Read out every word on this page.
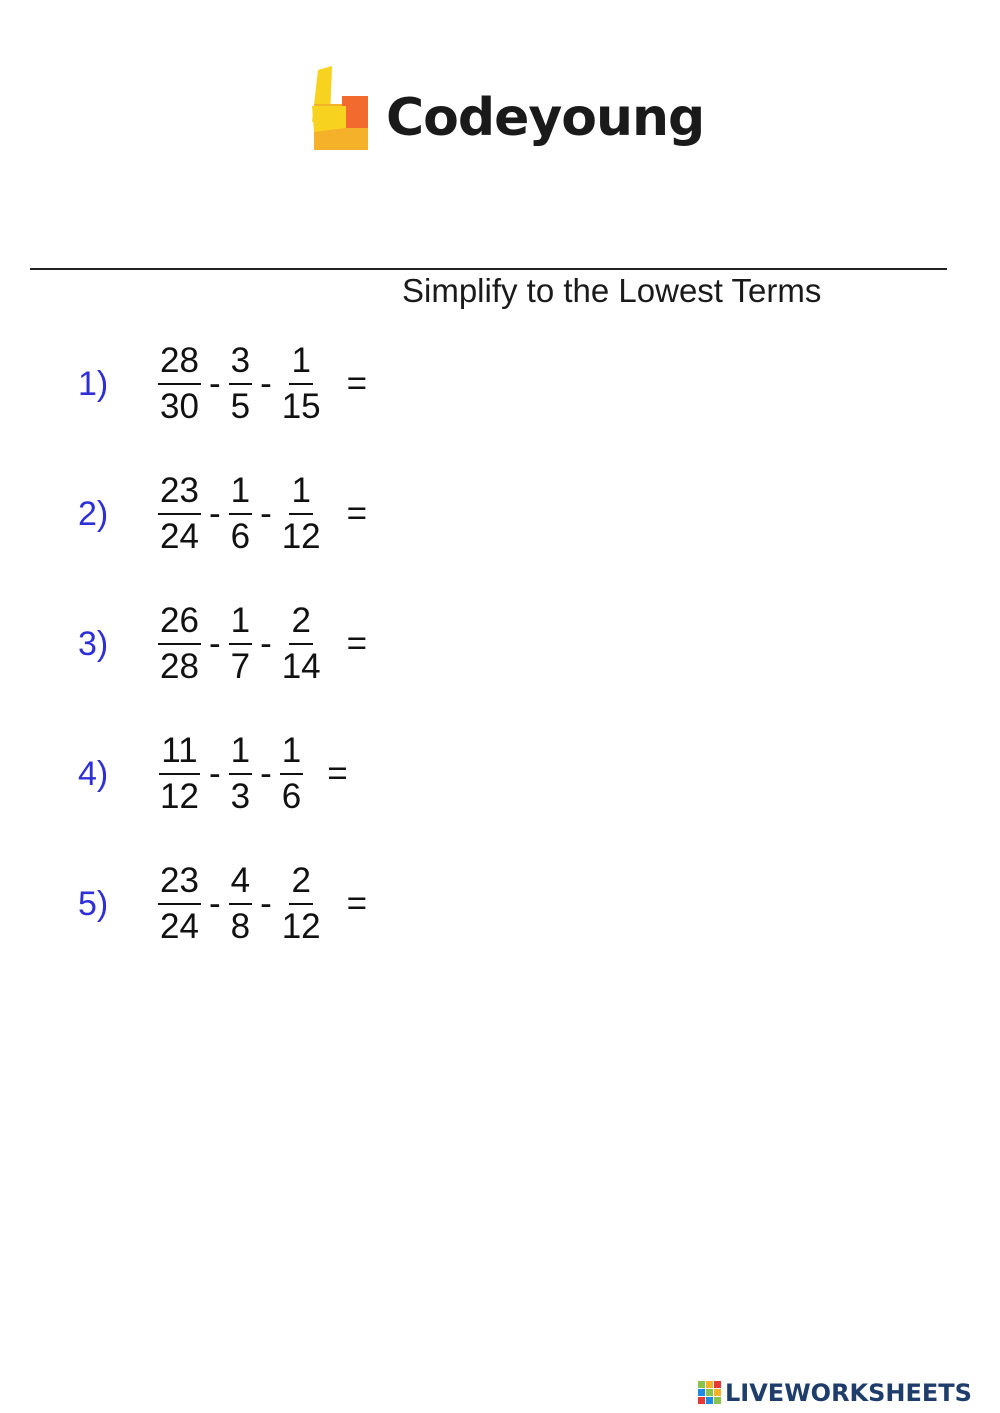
Codeyoung
Simplify to the Lowest Terms
$1) \frac{28}{30} - \frac{3}{5} - \frac{1}{15}$ =
$2) \frac{23}{24} - \frac{1}{6} - \frac{1}{12}$ =
$3) \frac{26}{28} - \frac{1}{7} - \frac{2}{14}$ =
$4) \frac{11}{12} - \frac{1}{3} - \frac{1}{6}$ =
$5) \frac{23}{24} - \frac{4}{8} - \frac{2}{12}$ =
LIVEWORKSHEETS
